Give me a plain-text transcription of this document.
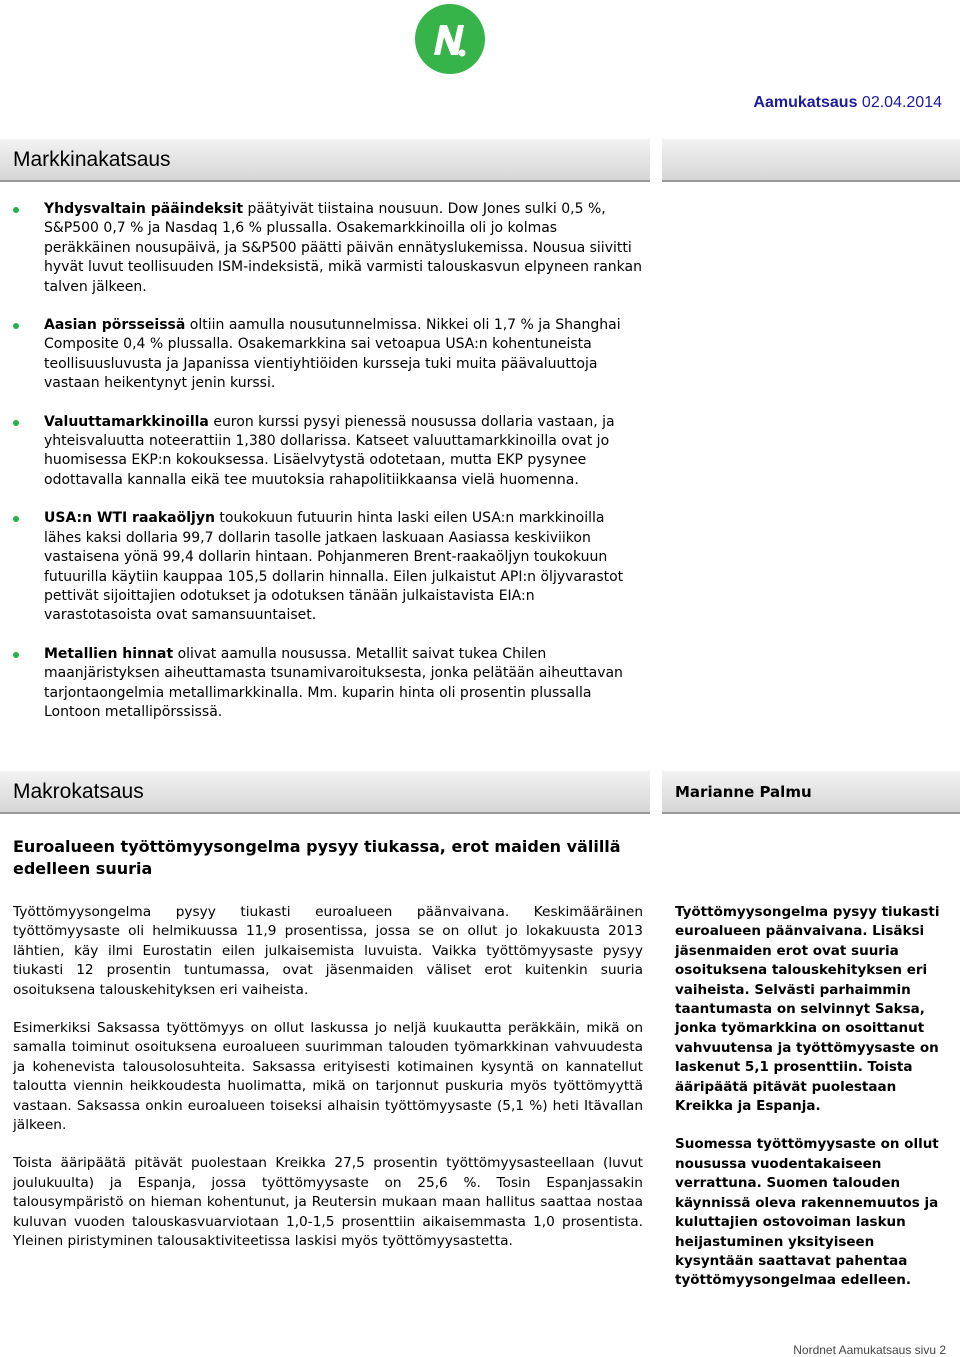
Aamukatsaus 02.04.2014
Markkinakatsaus
Yhdysvaltain pääindeksit päätyivät tiistaina nousuun. Dow Jones sulki 0,5 %, S&P500 0,7 % ja Nasdaq 1,6 % plussalla. Osakemarkkinoilla oli jo kolmas peräkkäinen nousupäivä, ja S&P500 päätti päivän ennätyslukemissa. Nousua siivitti hyvät luvut teollisuuden ISM-indeksistä, mikä varmisti talouskasvun elpyneen rankan talven jälkeen.
Aasian pörsseissä oltiin aamulla nousutunnelmissa. Nikkei oli 1,7 % ja Shanghai Composite 0,4 % plussalla. Osakemarkkina sai vetoapua USA:n kohentuneista teollisuusluvusta ja Japanissa vientiyhtiöiden kursseja tuki muita päävaluuttoja vastaan heikentynyt jenin kurssi.
Valuuttamarkkinoilla euron kurssi pysyi pienessä nousussa dollaria vastaan, ja yhteisvaluutta noteerattiin 1,380 dollarissa. Katseet valuuttamarkkinoilla ovat jo huomisessa EKP:n kokouksessa. Lisäelvytystä odotetaan, mutta EKP pysynee odottavalla kannalla eikä tee muutoksia rahapolitiikkaansa vielä huomenna.
USA:n WTI raakaöljyn toukokuun futuurin hinta laski eilen USA:n markkinoilla lähes kaksi dollaria 99,7 dollarin tasolle jatkaen laskuaan Aasiassa keskiviikon vastaisena yönä 99,4 dollarin hintaan. Pohjanmeren Brent-raakaöljyn toukokuun futuurilla käytiin kauppaa 105,5 dollarin hinnalla. Eilen julkaistut API:n öljyvarastot pettivät sijoittajien odotukset ja odotuksen tänään julkaistavista EIA:n varastotasoista ovat samansuuntaiset.
Metallien hinnat olivat aamulla nousussa. Metallit saivat tukea Chilen maanjäristyksen aiheuttamasta tsunamivaroituksesta, jonka pelätään aiheuttavan tarjontaongelmia metallimarkkinalla. Mm. kuparin hinta oli prosentin plussalla Lontoon metallipörssissä.
Makrokatsaus	Marianne Palmu
Euroalueen työttömyysongelma pysyy tiukassa, erot maiden välillä edelleen suuria

Työttömyysongelma pysyy tiukasti euroalueen päänvaivana. Keskimääräinen työttömyysaste oli helmikuussa 11,9 prosentissa, jossa se on ollut jo lokakuusta 2013 lähtien, käy ilmi Eurostatin eilen julkaisemista luvuista. Vaikka työttömyysaste pysyy tiukasti 12 prosentin tuntumassa, ovat jäsenmaiden väliset erot kuitenkin suuria osoituksena talouskehityksen eri vaiheista.

Esimerkiksi Saksassa työttömyys on ollut laskussa jo neljä kuukautta peräkkäin, mikä on samalla toiminut osoituksena euroalueen suurimman talouden työmarkkinan vahvuudesta ja kohenevista talousolosuhteita. Saksassa erityisesti kotimainen kysyntä on kannatellut taloutta viennin heikkoudesta huolimatta, mikä on tarjonnut puskuria myös työttömyyttä vastaan. Saksassa onkin euroalueen toiseksi alhaisin työttömyysaste (5,1 %) heti Itävallan jälkeen.

Toista ääripäätä pitävät puolestaan Kreikka 27,5 prosentin työttömyysasteellaan (luvut joulukuulta) ja Espanja, jossa työttömyysaste on 25,6 %. Tosin Espanjassakin talousympäristö on hieman kohentunut, ja Reutersin mukaan maan hallitus saattaa nostaa kuluvan vuoden talouskasvuarviotaan 1,0-1,5 prosenttiin aikaisemmasta 1,0 prosentista. Yleinen piristyminen talousaktiviteetissa laskisi myös työttömyysastetta.

Työttömyysongelma pysyy tiukasti euroalueen päänvaivana. Lisäksi jäsenmaiden erot ovat suuria osoituksena talouskehityksen eri vaiheista. Selvästi parhaimmin taantumasta on selvinnyt Saksa, jonka työmarkkina on osoittanut vahvuutensa ja työttömyysaste on laskenut 5,1 prosenttiin. Toista ääripäätä pitävät puolestaan Kreikka ja Espanja.

Suomessa työttömyysaste on ollut nousussa vuodentakaiseen verrattuna. Suomen talouden käynnissä oleva rakennemuutos ja kuluttajien ostovoiman laskun heijastuminen yksityiseen kysyntään saattavat pahentaa työttömyysongelmaa edelleen.

Nordnet Aamukatsaus sivu 2
